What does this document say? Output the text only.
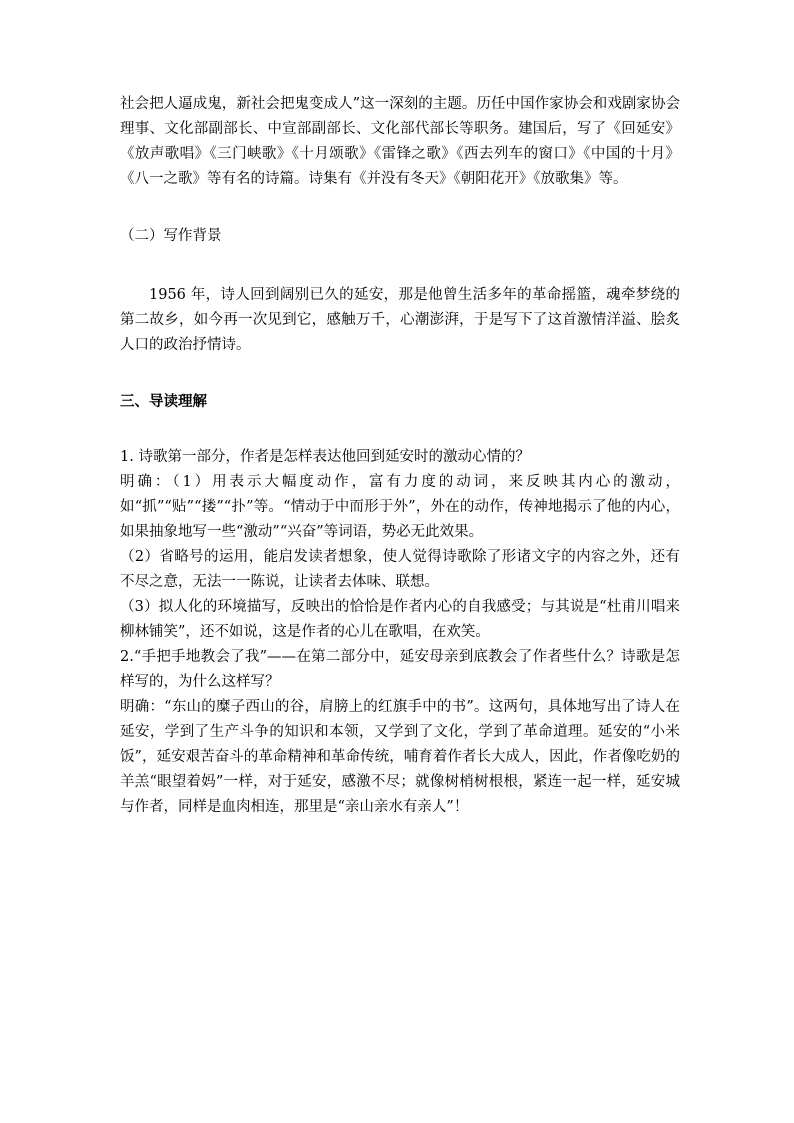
社会把人逼成鬼，新社会把鬼变成人”这一深刻的主题。历任中国作家协会和戏剧家协会理事、文化部副部长、中宣部副部长、文化部代部长等职务。建国后，写了《回延安》《放声歌唱》《三门峡歌》《十月颂歌》《雷锋之歌》《西去列车的窗口》《中国的十月》《八一之歌》等有名的诗篇。诗集有《并没有冬天》《朝阳花开》《放歌集》等。

（二）写作背景

1956 年，诗人回到阔别已久的延安，那是他曾生活多年的革命摇篮，魂牵梦绕的第二故乡，如今再一次见到它，感触万千，心潮澎湃，于是写下了这首激情洋溢、脍炙人口的政治抒情诗。

三、导读理解

1. 诗歌第一部分，作者是怎样表达他回到延安时的激动心情的？

明确：（1）用表示大幅度动作，富有力度的动词，来反映其内心的激动，如“抓”“贴”“搂”“扑”等。“情动于中而形于外”，外在的动作，传神地揭示了他的内心，如果抽象地写一些“激动”“兴奋”等词语，势必无此效果。

（2）省略号的运用，能启发读者想象，使人觉得诗歌除了形诸文字的内容之外，还有不尽之意，无法一一陈说，让读者去体味、联想。

（3）拟人化的环境描写，反映出的恰恰是作者内心的自我感受；与其说是“杜甫川唱来柳林铺笑”，还不如说，这是作者的心儿在歌唱，在欢笑。

2.“手把手地教会了我”——在第二部分中，延安母亲到底教会了作者些什么？诗歌是怎样写的，为什么这样写？

明确：“东山的糜子西山的谷，肩膀上的红旗手中的书”。这两句，具体地写出了诗人在延安，学到了生产斗争的知识和本领，又学到了文化，学到了革命道理。延安的“小米饭”，延安艰苦奋斗的革命精神和革命传统，哺育着作者长大成人，因此，作者像吃奶的羊羔“眼望着妈”一样，对于延安，感激不尽；就像树梢树根根，紧连一起一样，延安城与作者，同样是血肉相连，那里是“亲山亲水有亲人”！
